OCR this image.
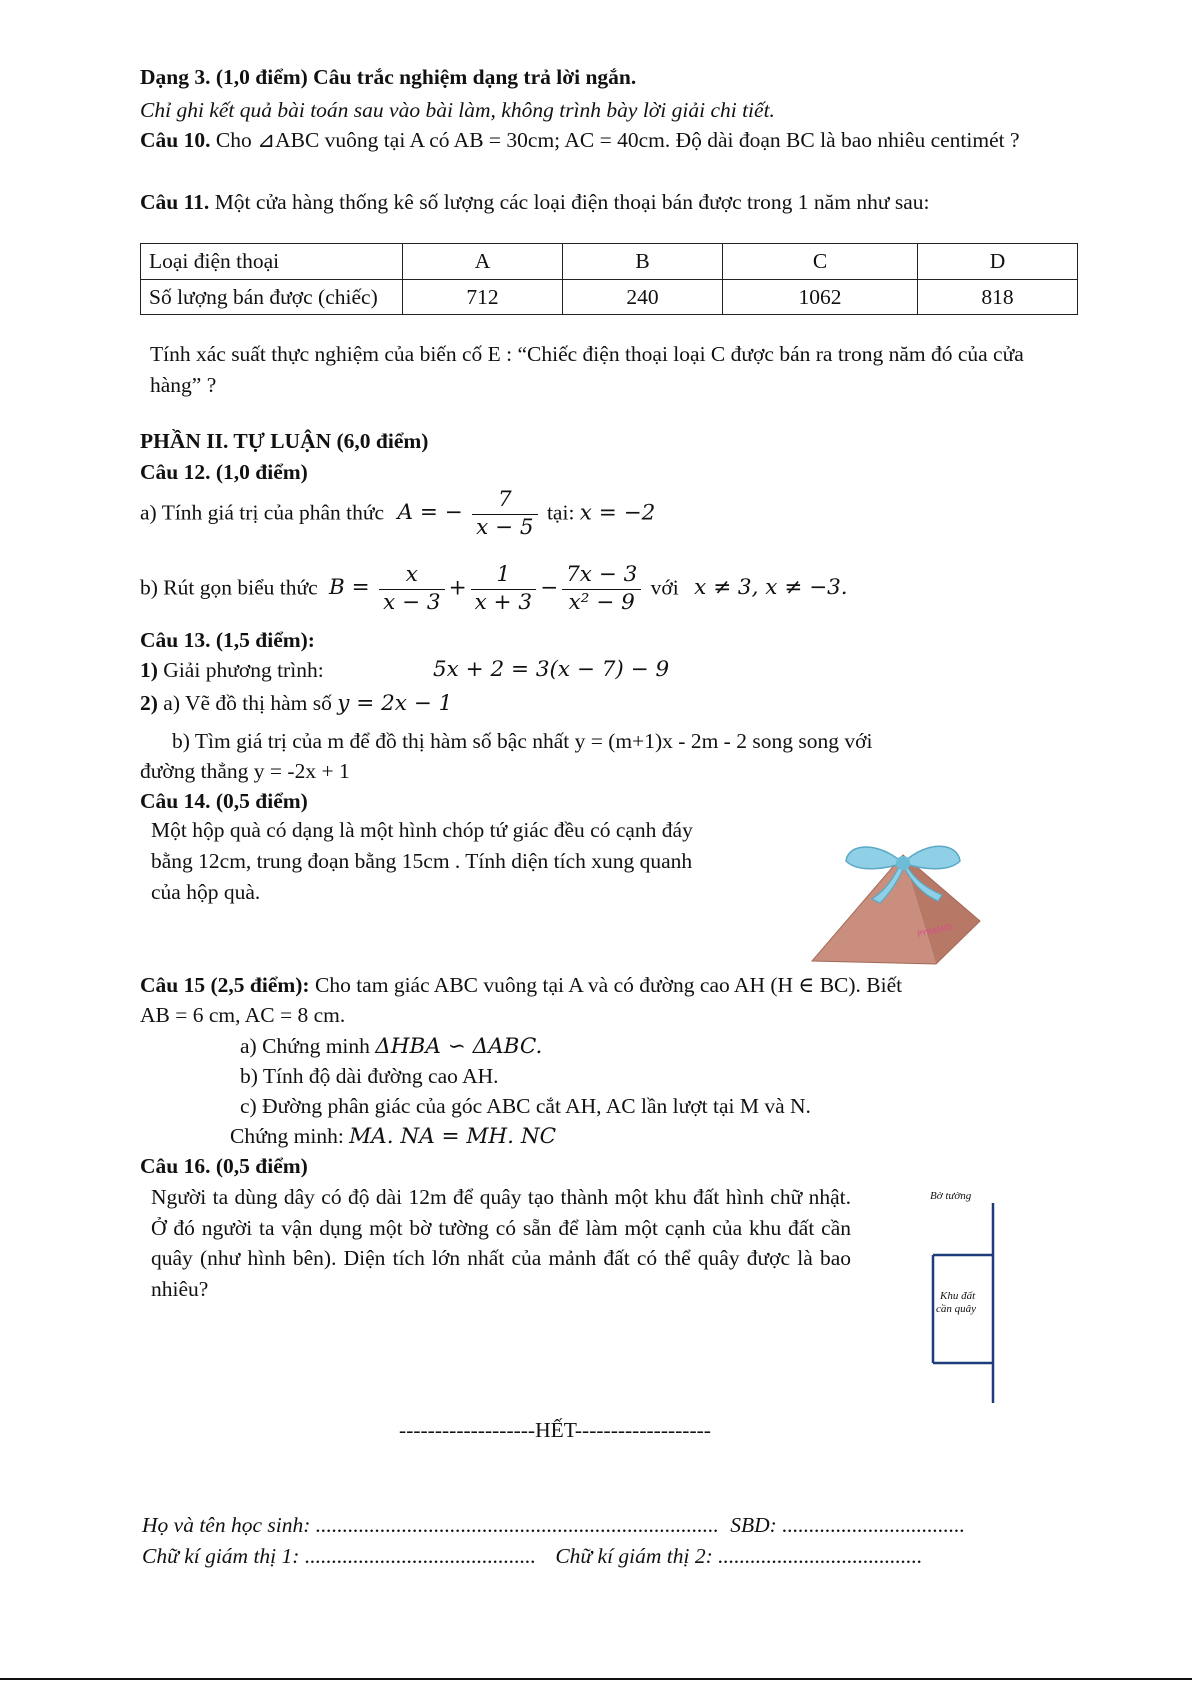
Dạng 3. (1,0 điểm) Câu trắc nghiệm dạng trả lời ngắn.
Chỉ ghi kết quả bài toán sau vào bài làm, không trình bày lời giải chi tiết.
Câu 10. Cho ⊿ABC vuông tại A có AB = 30cm; AC = 40cm. Độ dài đoạn BC là bao nhiêu centimét ?
Câu 11. Một cửa hàng thống kê số lượng các loại điện thoại bán được trong 1 năm như sau:
Loại điện thoại	A	B	C	D
Số lượng bán được (chiếc)	712	240	1062	818
Tính xác suất thực nghiệm của biến cố E : “Chiếc điện thoại loại C được bán ra trong năm đó của cửa hàng” ?
PHẦN II. TỰ LUẬN (6,0 điểm)
Câu 12. (1,0 điểm)
a) Tính giá trị của phân thức A = − $\frac{7}{x - 5}$ tại: x = −2
b) Rút gọn biểu thức $B = \frac{x}{x - 3} + \frac{1}{x + 3} - \frac{7x - 3}{\text{x² − 9}}$ với x ≠ 3, x ≠ −3.
Câu 13. (1,5 điểm):
1) Giải phương trình:	5x + 2 = 3(x − 7) − 9
2) a) Vẽ đồ thị hàm số y = 2x − 1
b) Tìm giá trị của m để đồ thị hàm số bậc nhất y = (m+1)x - 2m - 2 song song với
đường thẳng y = -2x + 1
Câu 14. (0,5 điểm)
Một hộp quà có dạng là một hình chóp tứ giác đều có cạnh đáy bằng 12cm, trung đoạn bằng 15cm . Tính diện tích xung quanh của hộp quà.
PYRAMID
Câu 15 (2,5 điểm): Cho tam giác ABC vuông tại A và có đường cao AH (H ∈ BC). Biết
AB = 6 cm, AC = 8 cm.
a) Chứng minh ΔHBA ∽ ΔABC.
b) Tính độ dài đường cao AH.
c) Đường phân giác của góc ABC cắt AH, AC lần lượt tại M và N.
Chứng minh: MA. NA = MH. NC
Câu 16. (0,5 điểm)
Người ta dùng dây có độ dài 12m để quây tạo thành một khu đất hình chữ nhật. Ở đó người ta vận dụng một bờ tường có sẵn để làm một cạnh của khu đất cần quây (như hình bên). Diện tích lớn nhất của mảnh đất có thể quây được là bao nhiêu?
Bờ tường
Khu đất
cần quây
-------------------HẾT-------------------
Họ và tên học sinh: ........................................................................... SBD: ..................................
Chữ kí giám thị 1: ........................................... Chữ kí giám thị 2: ......................................
